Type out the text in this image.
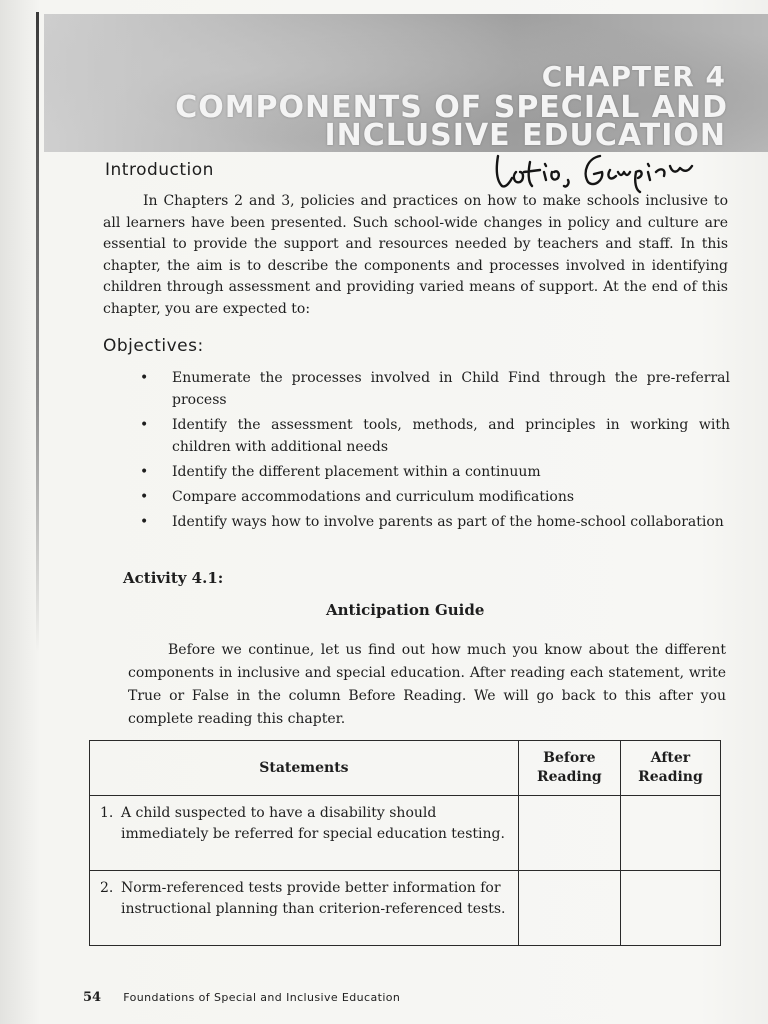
CHAPTER 4
COMPONENTS OF SPECIAL AND
INCLUSIVE EDUCATION
Introduction
In Chapters 2 and 3, policies and practices on how to make schools inclusive to all learners have been presented. Such school-wide changes in policy and culture are essential to provide the support and resources needed by teachers and staff. In this chapter, the aim is to describe the components and processes involved in identifying children through assessment and providing varied means of support. At the end of this chapter, you are expected to:
Objectives:
• Enumerate the processes involved in Child Find through the pre-referral process
• Identify the assessment tools, methods, and principles in working with children with additional needs
• Identify the different placement within a continuum
• Compare accommodations and curriculum modifications
• Identify ways how to involve parents as part of the home-school collaboration
Activity 4.1:
Anticipation Guide
Before we continue, let us find out how much you know about the different components in inclusive and special education. After reading each statement, write True or False in the column Before Reading. We will go back to this after you complete reading this chapter.
Statements	Before Reading	After Reading

1. A child suspected to have a disability should immediately be referred for special education testing.		

2. Norm-referenced tests provide better information for instructional planning than criterion-referenced tests.		

54 Foundations of Special and Inclusive Education
